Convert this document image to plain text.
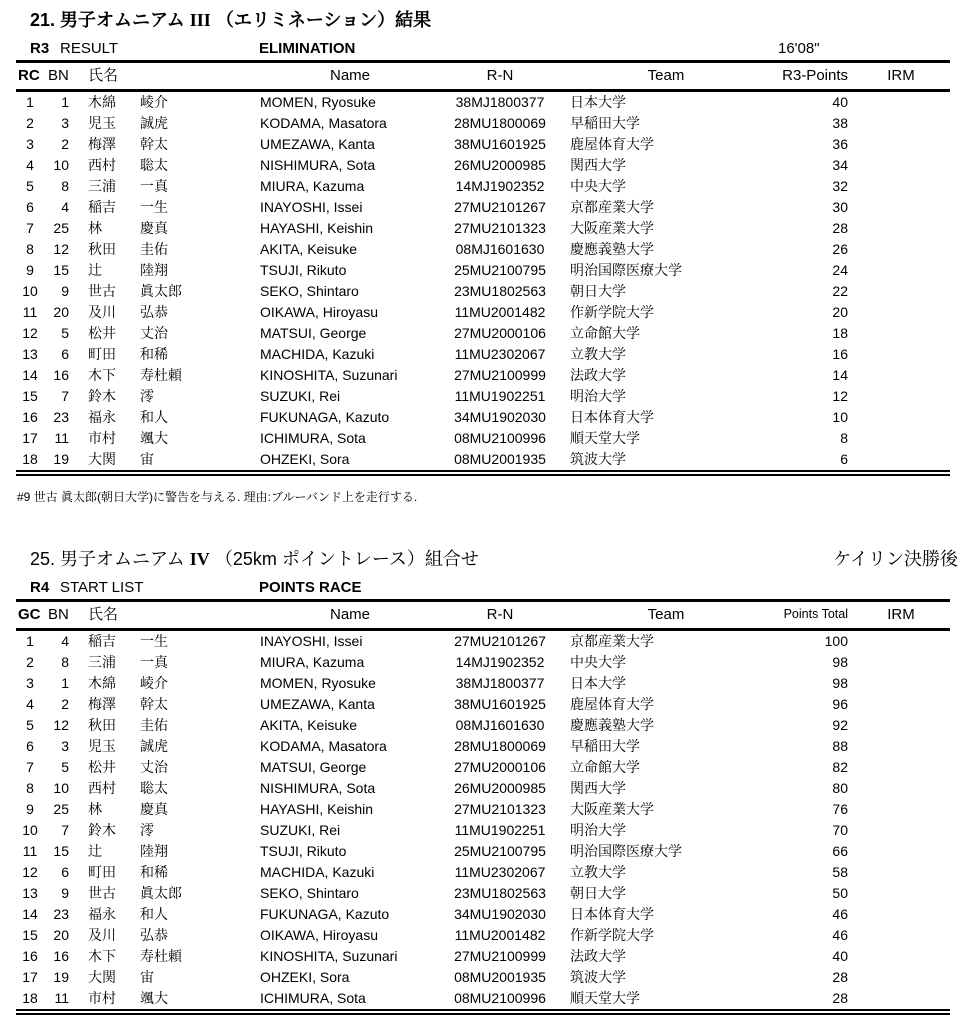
21. 男子オムニアム III （エリミネーション）結果
R3 RESULT	ELIMINATION	16'08"
RC BN	氏名	Name	R-N	Team	R3-Points	IRM
1	1	木綿	崚介	MOMEN, Ryosuke	38MJ1800377	日本大学	40
2	3	児玉	誠虎	KODAMA, Masatora	28MU1800069	早稲田大学	38
3	2	梅澤	幹太	UMEZAWA, Kanta	38MU1601925	鹿屋体育大学	36
4	10	西村	聡太	NISHIMURA, Sota	26MU2000985	関西大学	34
5	8	三浦	一真	MIURA, Kazuma	14MJ1902352	中央大学	32
6	4	稲吉	一生	INAYOSHI, Issei	27MU2101267	京都産業大学	30
7	25	林	慶真	HAYASHI, Keishin	27MU2101323	大阪産業大学	28
8	12	秋田	圭佑	AKITA, Keisuke	08MJ1601630	慶應義塾大学	26
9	15	辻	陸翔	TSUJI, Rikuto	25MU2100795	明治国際医療大学	24
10	9	世古	眞太郎	SEKO, Shintaro	23MU1802563	朝日大学	22
11	20	及川	弘恭	OIKAWA, Hiroyasu	11MU2001482	作新学院大学	20
12	5	松井	丈治	MATSUI, George	27MU2000106	立命館大学	18
13	6	町田	和稀	MACHIDA, Kazuki	11MU2302067	立教大学	16
14	16	木下	寿杜頼	KINOSHITA, Suzunari	27MU2100999	法政大学	14
15	7	鈴木	澪	SUZUKI, Rei	11MU1902251	明治大学	12
16	23	福永	和人	FUKUNAGA, Kazuto	34MU1902030	日本体育大学	10
17	11	市村	颯大	ICHIMURA, Sota	08MU2100996	順天堂大学	8
18	19	大関	宙	OHZEKI, Sora	08MU2001935	筑波大学	6
#9 世古 眞太郎(朝日大学)に警告を与える. 理由:ブルーバンド上を走行する.
25. 男子オムニアム IV （25km ポイントレース）組合せ	ケイリン決勝後
R4 START LIST	POINTS RACE
GC BN	氏名	Name	R-N	Team	Points Total	IRM
1	4	稲吉	一生	INAYOSHI, Issei	27MU2101267	京都産業大学	100
2	8	三浦	一真	MIURA, Kazuma	14MJ1902352	中央大学	98
3	1	木綿	崚介	MOMEN, Ryosuke	38MJ1800377	日本大学	98
4	2	梅澤	幹太	UMEZAWA, Kanta	38MU1601925	鹿屋体育大学	96
5	12	秋田	圭佑	AKITA, Keisuke	08MJ1601630	慶應義塾大学	92
6	3	児玉	誠虎	KODAMA, Masatora	28MU1800069	早稲田大学	88
7	5	松井	丈治	MATSUI, George	27MU2000106	立命館大学	82
8	10	西村	聡太	NISHIMURA, Sota	26MU2000985	関西大学	80
9	25	林	慶真	HAYASHI, Keishin	27MU2101323	大阪産業大学	76
10	7	鈴木	澪	SUZUKI, Rei	11MU1902251	明治大学	70
11	15	辻	陸翔	TSUJI, Rikuto	25MU2100795	明治国際医療大学	66
12	6	町田	和稀	MACHIDA, Kazuki	11MU2302067	立教大学	58
13	9	世古	眞太郎	SEKO, Shintaro	23MU1802563	朝日大学	50
14	23	福永	和人	FUKUNAGA, Kazuto	34MU1902030	日本体育大学	46
15	20	及川	弘恭	OIKAWA, Hiroyasu	11MU2001482	作新学院大学	46
16	16	木下	寿杜頼	KINOSHITA, Suzunari	27MU2100999	法政大学	40
17	19	大関	宙	OHZEKI, Sora	08MU2001935	筑波大学	28
18	11	市村	颯大	ICHIMURA, Sota	08MU2100996	順天堂大学	28
